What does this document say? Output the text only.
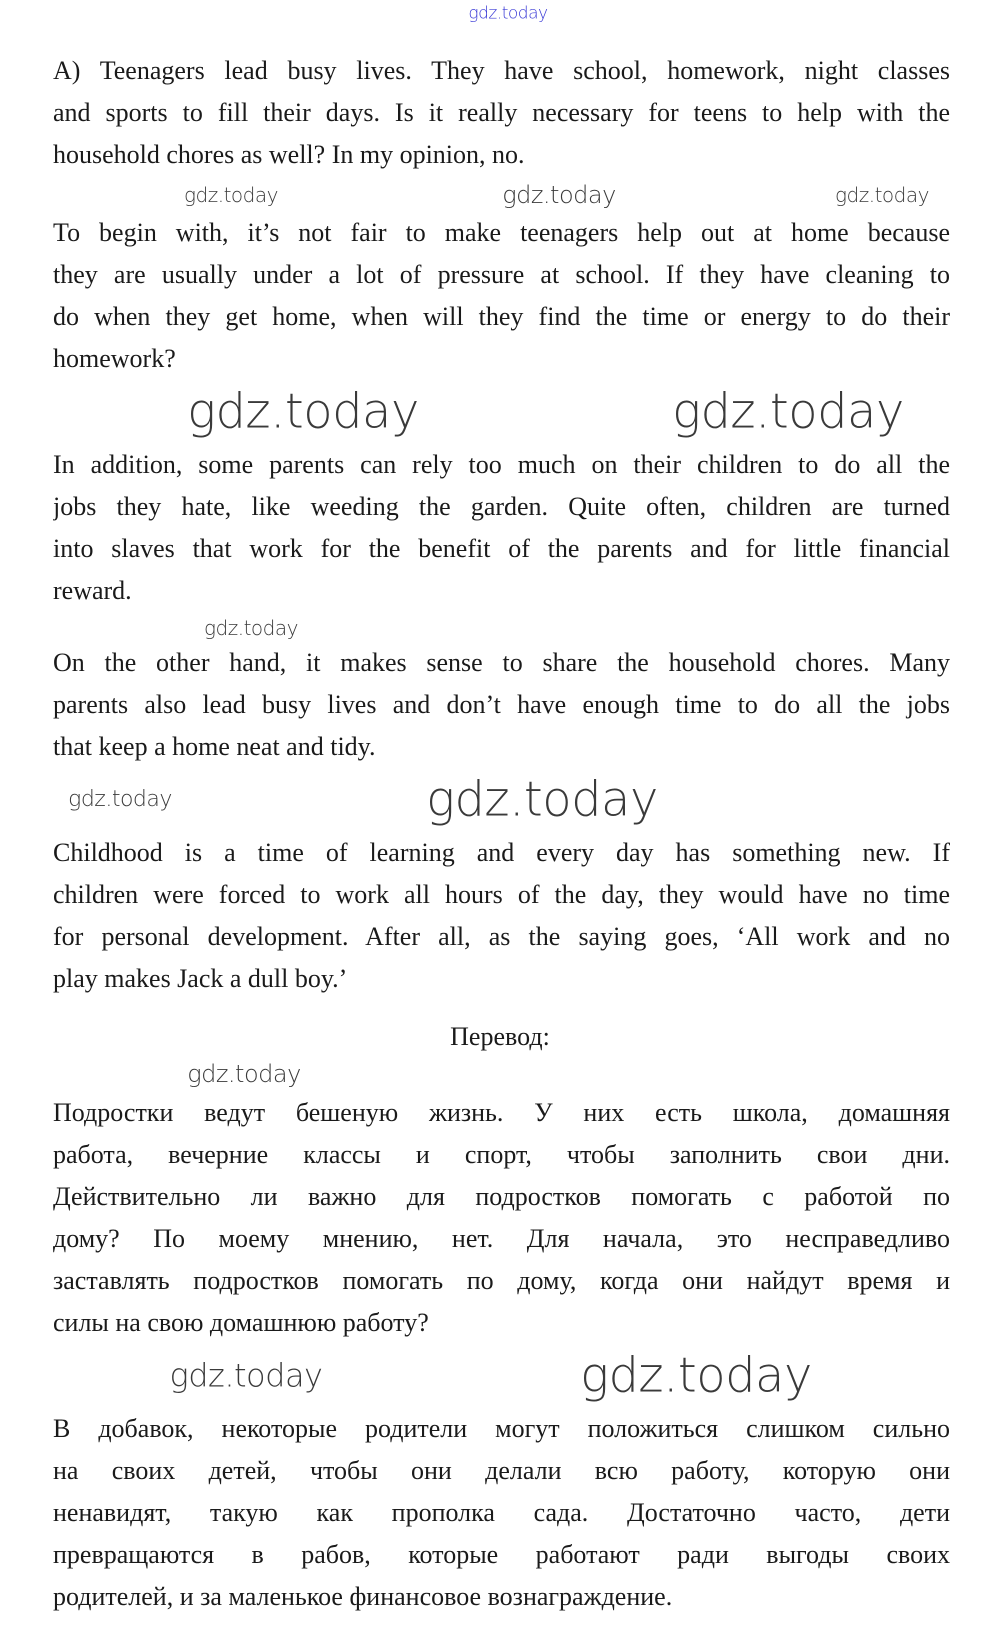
A) Teenagers lead busy lives. They have school, homework, night classes
and sports to fill their days. Is it really necessary for teens to help with the
household chores as well? In my opinion, no.
To begin with, it’s not fair to make teenagers help out at home because
they are usually under a lot of pressure at school. If they have cleaning to
do when they get home, when will they find the time or energy to do their
homework?
In addition, some parents can rely too much on their children to do all the
jobs they hate, like weeding the garden. Quite often, children are turned
into slaves that work for the benefit of the parents and for little financial
reward.
On the other hand, it makes sense to share the household chores. Many
parents also lead busy lives and don’t have enough time to do all the jobs
that keep a home neat and tidy.
Childhood is a time of learning and every day has something new. If
children were forced to work all hours of the day, they would have no time
for personal development. After all, as the saying goes, ‘All work and no
play makes Jack a dull boy.’
Перевод:
Подростки ведут бешеную жизнь. У них есть школа, домашняя
работа, вечерние классы и спорт, чтобы заполнить свои дни.
Действительно ли важно для подростков помогать с работой по
дому? По моему мнению, нет. Для начала, это несправедливо
заставлять подростков помогать по дому, когда они найдут время и
силы на свою домашнюю работу?
В добавок, некоторые родители могут положиться слишком сильно
на своих детей, чтобы они делали всю работу, которую они
ненавидят, такую как прополка сада. Достаточно часто, дети
превращаются в рабов, которые работают ради выгоды своих
родителей, и за маленькое финансовое вознаграждение.
gdz.today
gdz.today	gdz.today	gdz.today
gdz.today	gdz.today
gdz.today	gdz.today
gdz.today
gdz.today
gdz.today
gdz.today
